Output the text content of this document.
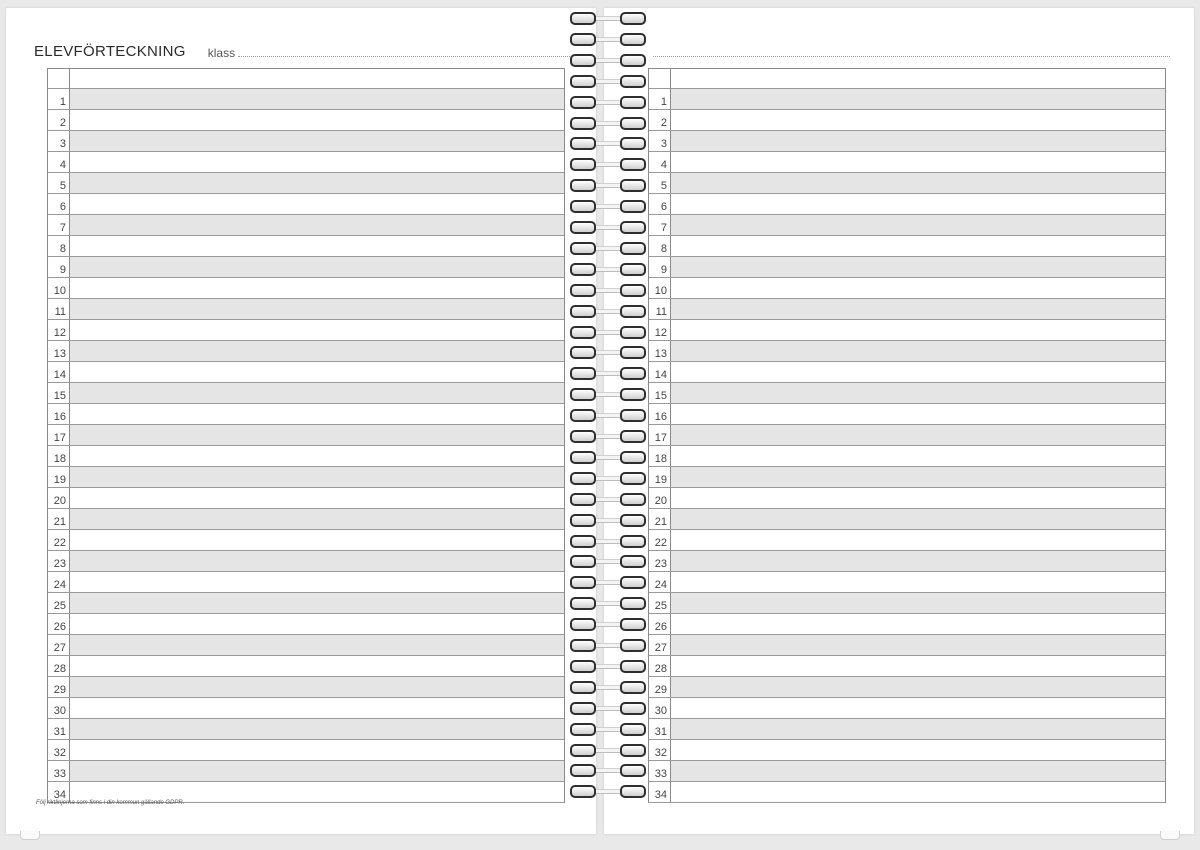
ELEVFÖRTECKNING klass
1
2
3
4
5
6
7
8
9
10
11
12
13
14
15
16
17
18
19
20
21
22
23
24
25
26
27
28
29
30
31
32
33
34
Följ riktlinjerna som finns i din kommun gällande GDPR.
1
2
3
4
5
6
7
8
9
10
11
12
13
14
15
16
17
18
19
20
21
22
23
24
25
26
27
28
29
30
31
32
33
34
